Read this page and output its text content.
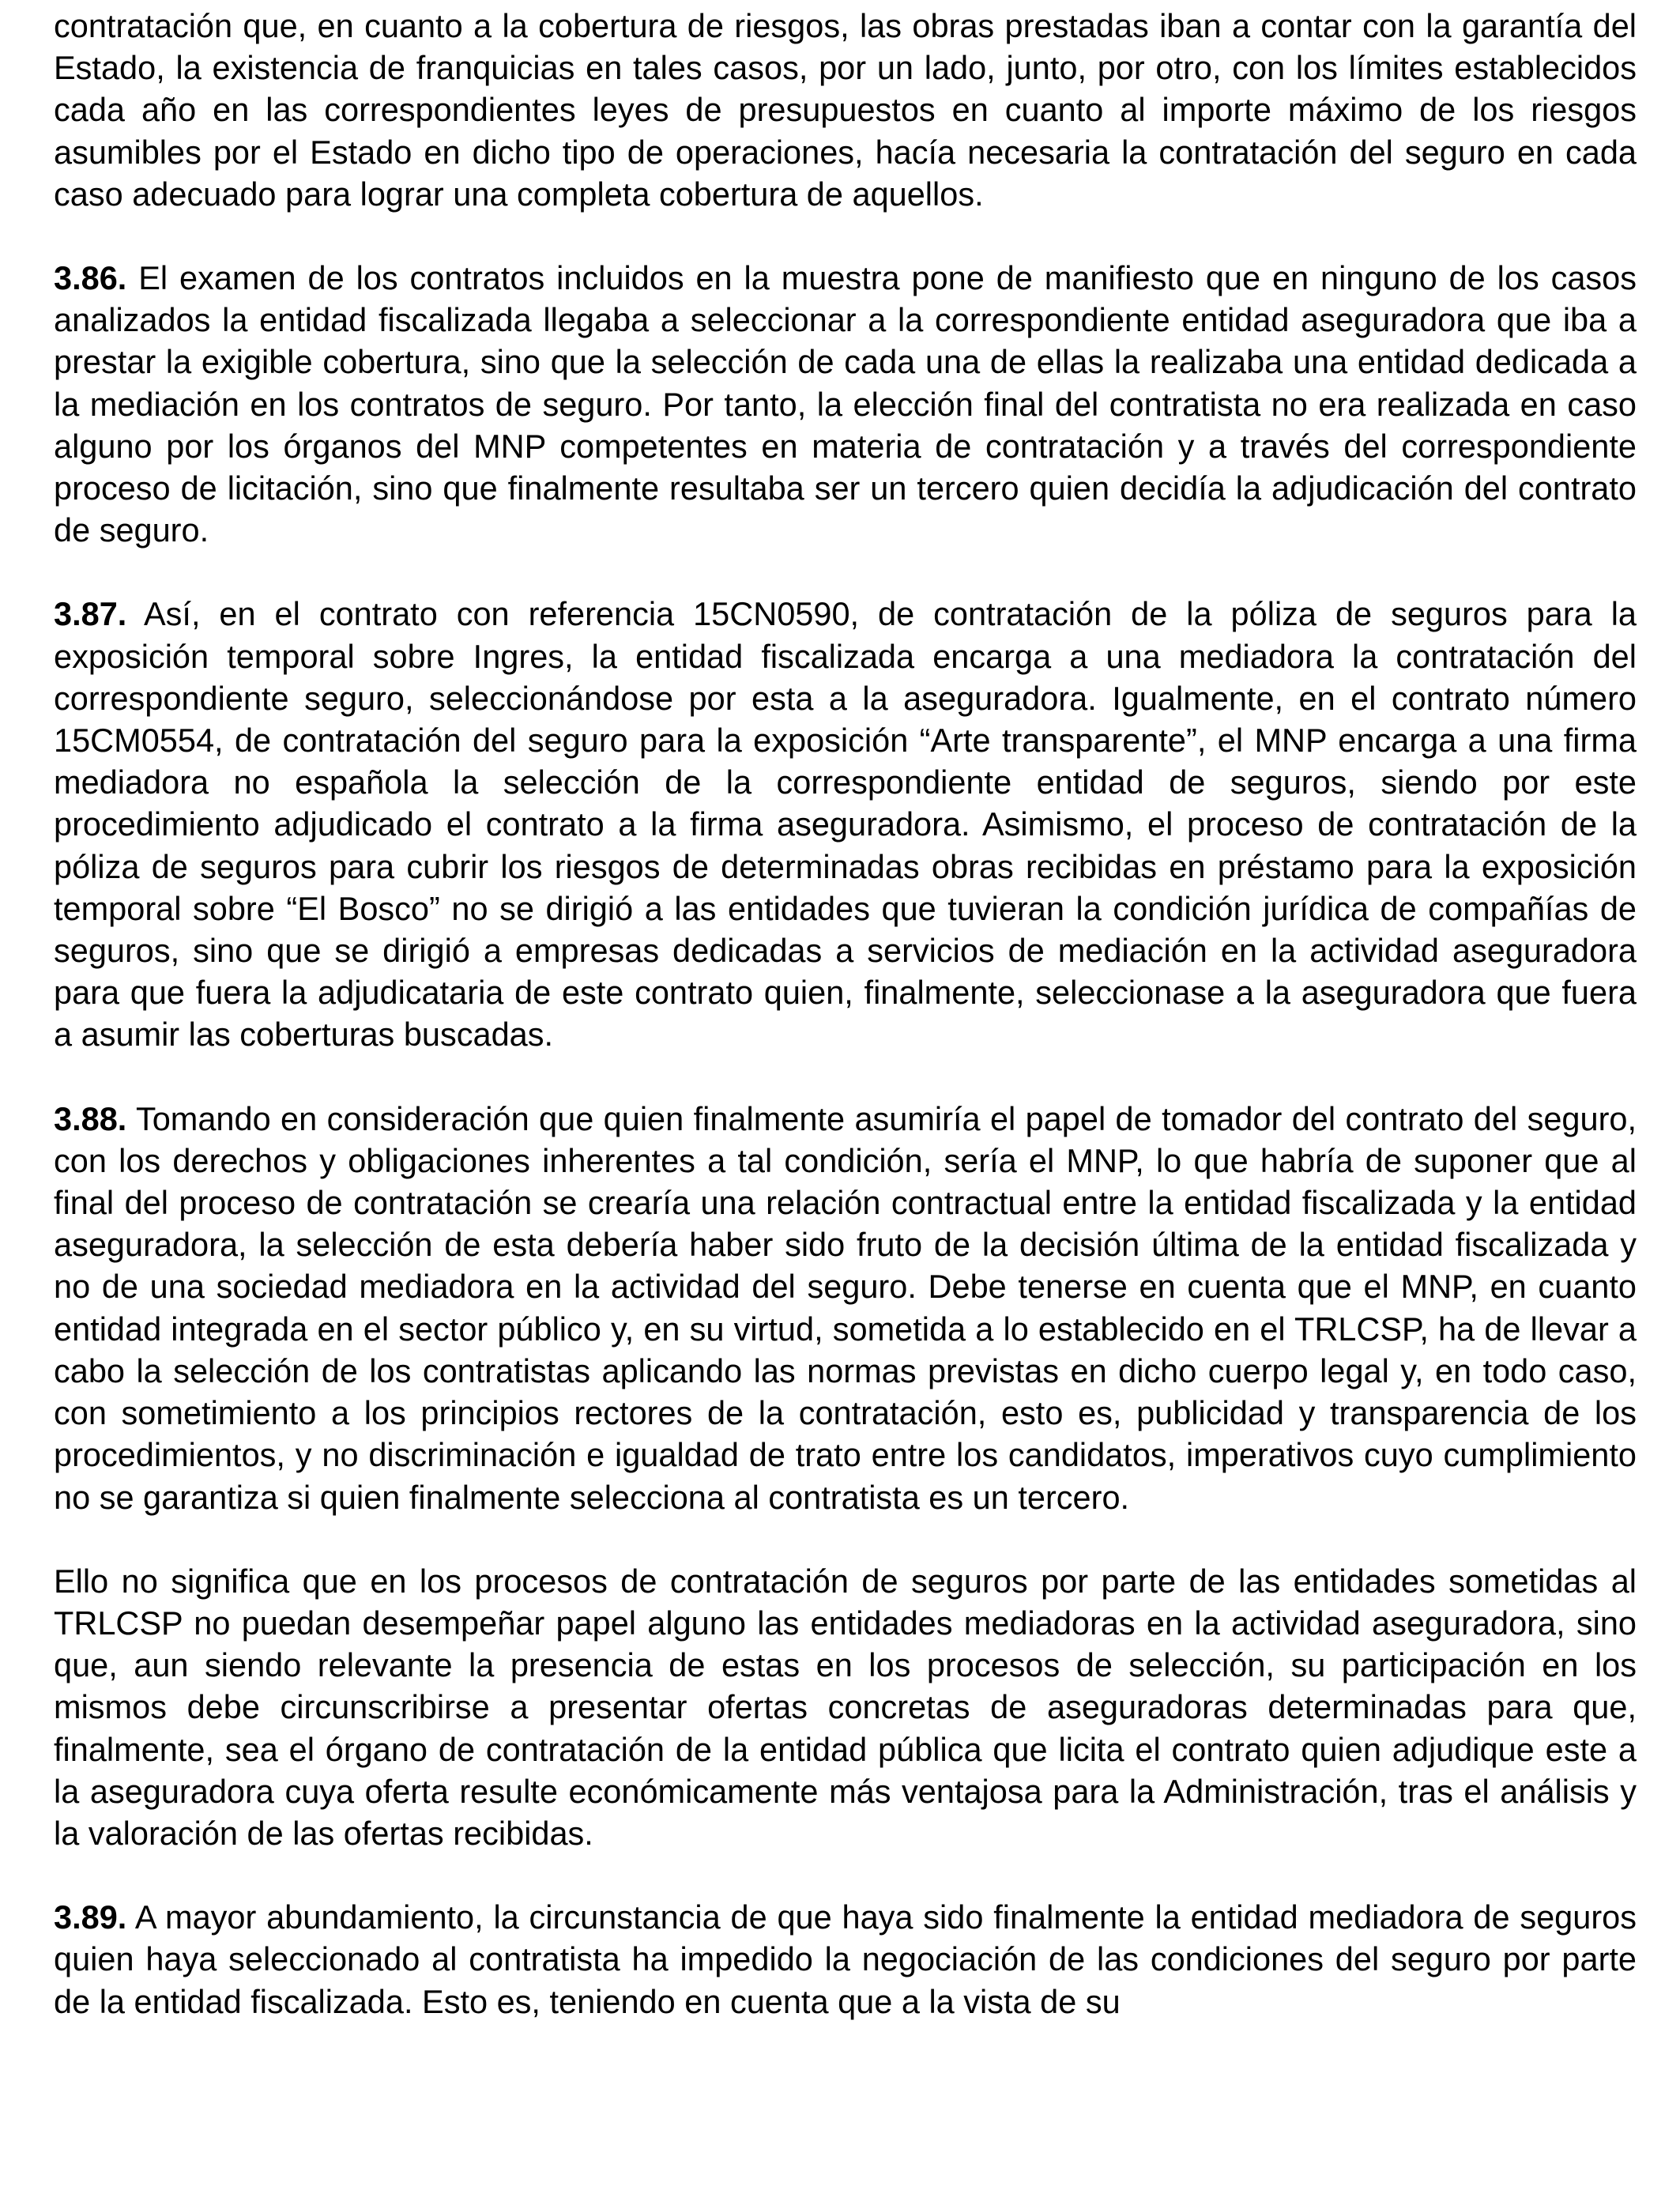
contratación que, en cuanto a la cobertura de riesgos, las obras prestadas iban a contar con la garantía del Estado, la existencia de franquicias en tales casos, por un lado, junto, por otro, con los límites establecidos cada año en las correspondientes leyes de presupuestos en cuanto al importe máximo de los riesgos asumibles por el Estado en dicho tipo de operaciones, hacía necesaria la contratación del seguro en cada caso adecuado para lograr una completa cobertura de aquellos.

3.86. El examen de los contratos incluidos en la muestra pone de manifiesto que en ninguno de los casos analizados la entidad fiscalizada llegaba a seleccionar a la correspondiente entidad aseguradora que iba a prestar la exigible cobertura, sino que la selección de cada una de ellas la realizaba una entidad dedicada a la mediación en los contratos de seguro. Por tanto, la elección final del contratista no era realizada en caso alguno por los órganos del MNP competentes en materia de contratación y a través del correspondiente proceso de licitación, sino que finalmente resultaba ser un tercero quien decidía la adjudicación del contrato de seguro.

3.87. Así, en el contrato con referencia 15CN0590, de contratación de la póliza de seguros para la exposición temporal sobre Ingres, la entidad fiscalizada encarga a una mediadora la contratación del correspondiente seguro, seleccionándose por esta a la aseguradora. Igualmente, en el contrato número 15CM0554, de contratación del seguro para la exposición “Arte transparente”, el MNP encarga a una firma mediadora no española la selección de la correspondiente entidad de seguros, siendo por este procedimiento adjudicado el contrato a la firma aseguradora. Asimismo, el proceso de contratación de la póliza de seguros para cubrir los riesgos de determinadas obras recibidas en préstamo para la exposición temporal sobre “El Bosco” no se dirigió a las entidades que tuvieran la condición jurídica de compañías de seguros, sino que se dirigió a empresas dedicadas a servicios de mediación en la actividad aseguradora para que fuera la adjudicataria de este contrato quien, finalmente, seleccionase a la aseguradora que fuera a asumir las coberturas buscadas.

3.88. Tomando en consideración que quien finalmente asumiría el papel de tomador del contrato del seguro, con los derechos y obligaciones inherentes a tal condición, sería el MNP, lo que habría de suponer que al final del proceso de contratación se crearía una relación contractual entre la entidad fiscalizada y la entidad aseguradora, la selección de esta debería haber sido fruto de la decisión última de la entidad fiscalizada y no de una sociedad mediadora en la actividad del seguro. Debe tenerse en cuenta que el MNP, en cuanto entidad integrada en el sector público y, en su virtud, sometida a lo establecido en el TRLCSP, ha de llevar a cabo la selección de los contratistas aplicando las normas previstas en dicho cuerpo legal y, en todo caso, con sometimiento a los principios rectores de la contratación, esto es, publicidad y transparencia de los procedimientos, y no discriminación e igualdad de trato entre los candidatos, imperativos cuyo cumplimiento no se garantiza si quien finalmente selecciona al contratista es un tercero.

Ello no significa que en los procesos de contratación de seguros por parte de las entidades sometidas al TRLCSP no puedan desempeñar papel alguno las entidades mediadoras en la actividad aseguradora, sino que, aun siendo relevante la presencia de estas en los procesos de selección, su participación en los mismos debe circunscribirse a presentar ofertas concretas de aseguradoras determinadas para que, finalmente, sea el órgano de contratación de la entidad pública que licita el contrato quien adjudique este a la aseguradora cuya oferta resulte económicamente más ventajosa para la Administración, tras el análisis y la valoración de las ofertas recibidas.

3.89. A mayor abundamiento, la circunstancia de que haya sido finalmente la entidad mediadora de seguros quien haya seleccionado al contratista ha impedido la negociación de las condiciones del seguro por parte de la entidad fiscalizada. Esto es, teniendo en cuenta que a la vista de su
